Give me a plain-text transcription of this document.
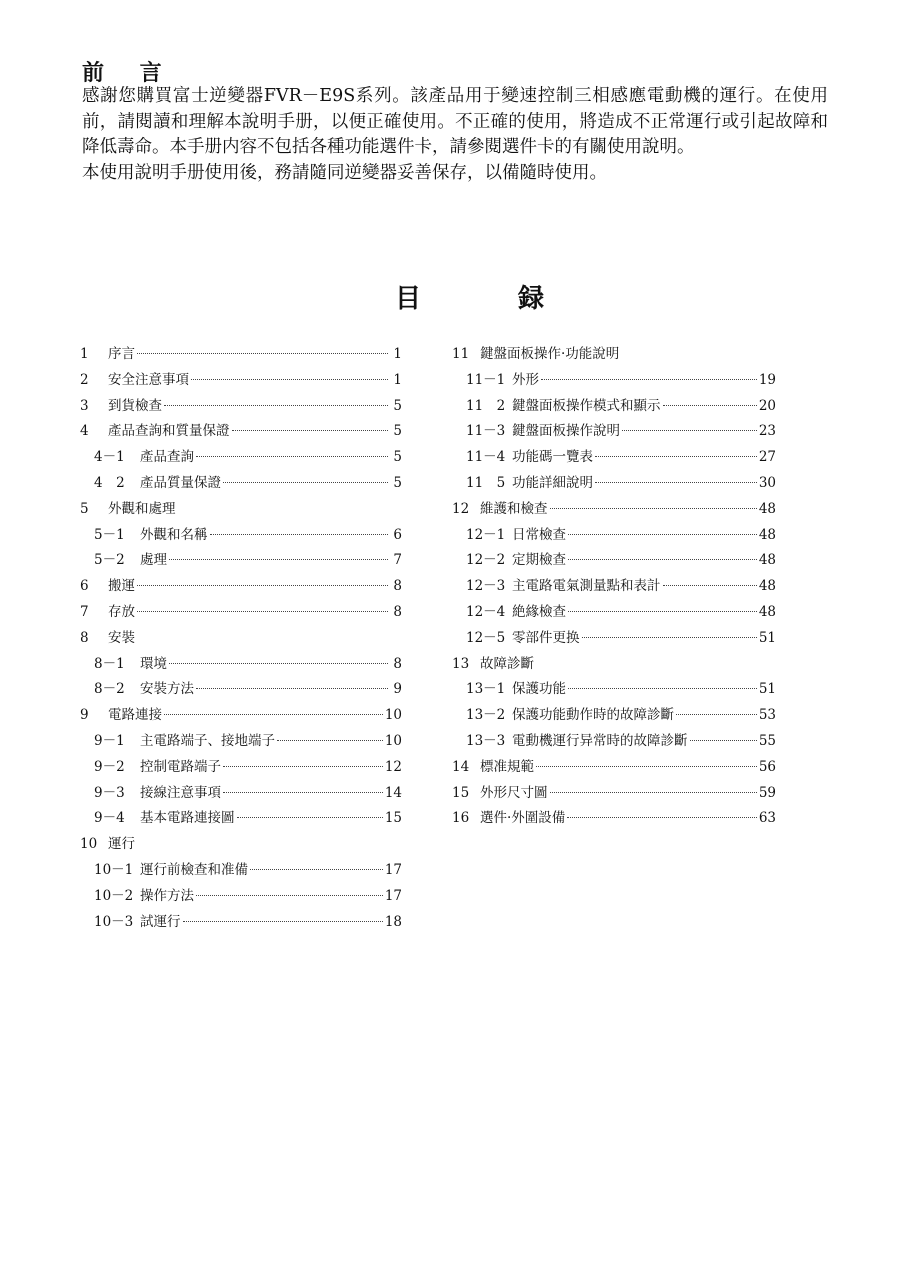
前 言

感謝您購買富士逆變器FVR－E9S系列。該產品用于變速控制三相感應電動機的運行。在使用前，請閱讀和理解本說明手册，以便正確使用。不正確的使用，將造成不正常運行或引起故障和降低壽命。本手册内容不包括各種功能選件卡，請參閱選件卡的有關使用說明。

本使用說明手册使用後，務請隨同逆變器妥善保存，以備隨時使用。

目 録
1	序言	1
2	安全注意事項	1
3	到貨檢查	5
4	產品查詢和質量保證	5
4－1	產品查詢	5
4　2	產品質量保證	5
5	外觀和處理
5－1	外觀和名稱	6
5－2	處理	7
6	搬運	8
7	存放	8
8	安裝
8－1	環境	8
8－2	安裝方法	9
9	電路連接	10
9－1	主電路端子、接地端子	10
9－2	控制電路端子	12
9－3	接線注意事項	14
9－4	基本電路連接圖	15
10 運行
10－1 運行前檢查和准備	17
10－2 操作方法	17
10－3 試運行	18
11 鍵盤面板操作·功能說明
11－1 外形	19
11　2 鍵盤面板操作模式和顯示	20
11－3 鍵盤面板操作說明	23
11－4 功能碼一覽表	27
11　5 功能詳細說明	30
12 維護和檢查	48
12－1 日常檢查	48
12－2 定期檢查	48
12－3 主電路電氣測量點和表計	48
12－4 絶緣檢查	48
12－5 零部件更换	51
13 故障診斷
13－1 保護功能	51
13－2 保護功能動作時的故障診斷	53
13－3 電動機運行异常時的故障診斷	55
14 標准規範	56
15 外形尺寸圖	59
16 選件·外圍設備	63
